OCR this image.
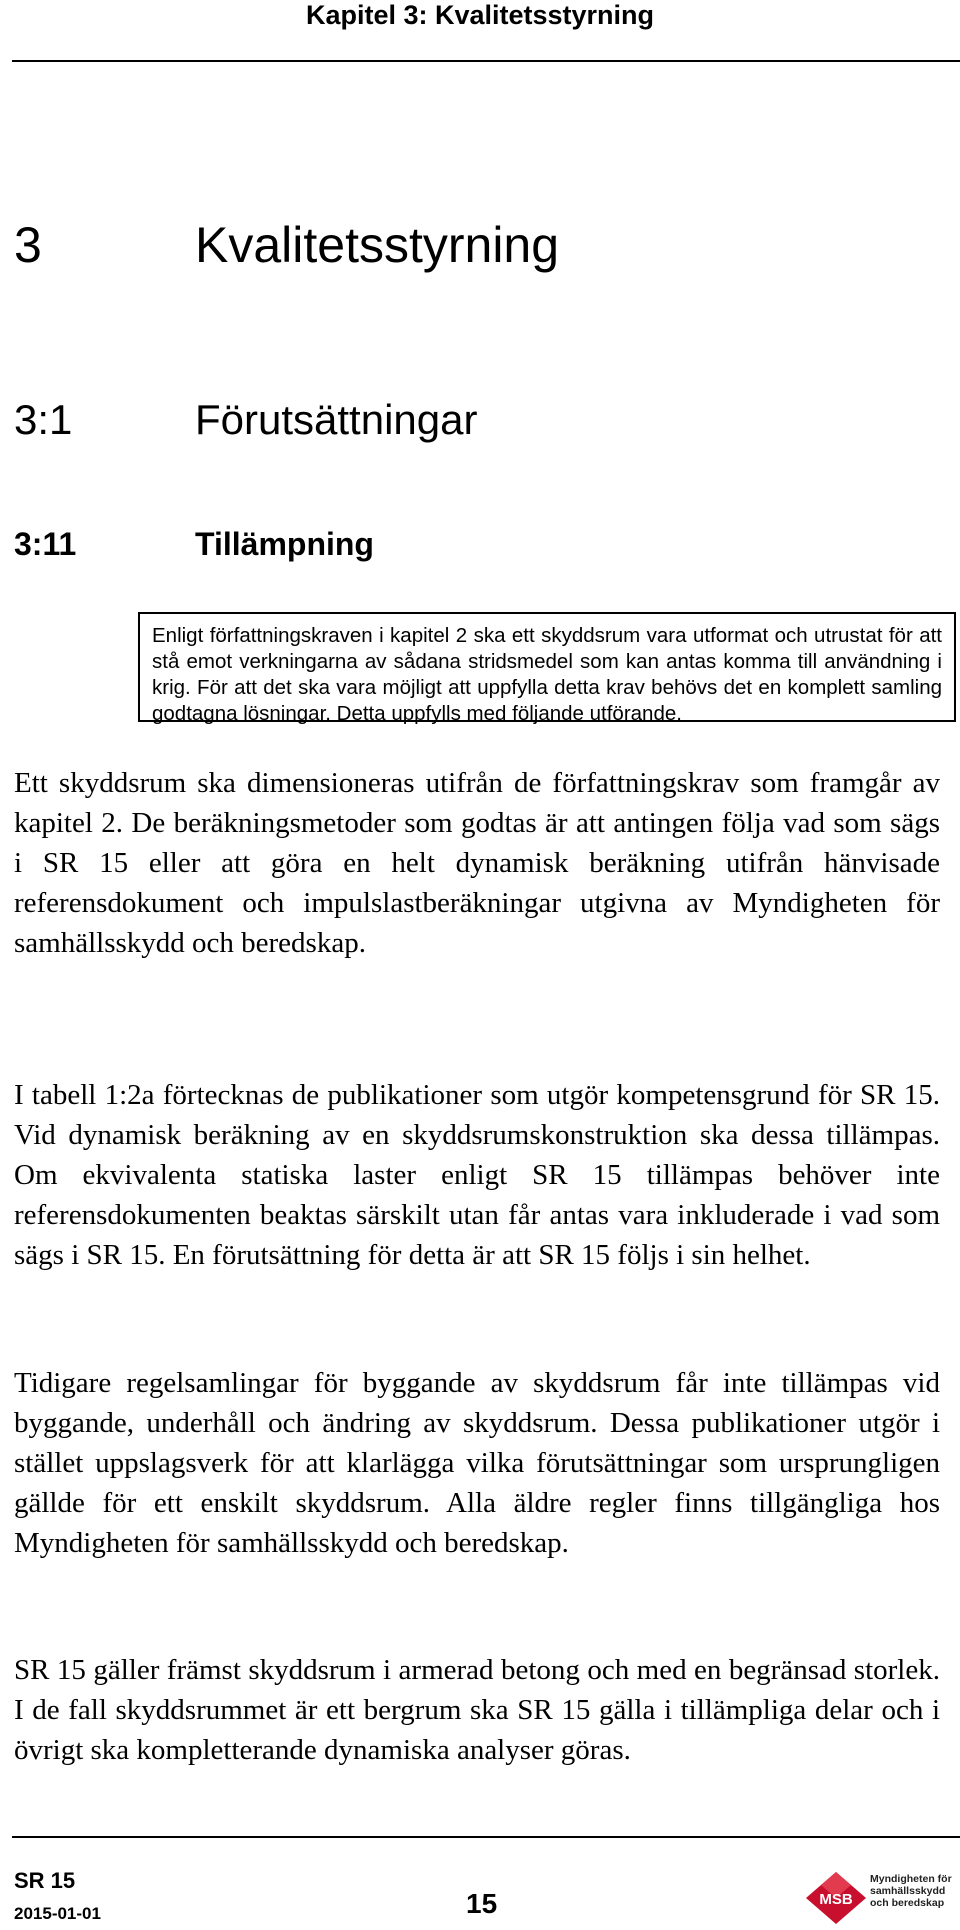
Kapitel 3: Kvalitetsstyrning
3	Kvalitetsstyrning
3:1	Förutsättningar
3:11	Tillämpning
Enligt författningskraven i kapitel 2 ska ett skyddsrum vara utformat och utrustat för att stå emot verkningarna av sådana stridsmedel som kan antas komma till användning i krig. För att det ska vara möjligt att uppfylla detta krav behövs det en komplett samling godtagna lösningar. Detta uppfylls med följande utförande.

Ett skyddsrum ska dimensioneras utifrån de författningskrav som framgår av kapitel 2. De beräkningsmetoder som godtas är att antingen följa vad som sägs i SR 15 eller att göra en helt dynamisk beräkning utifrån hänvisade referensdokument och impulslastberäkningar utgivna av Myndigheten för samhällsskydd och beredskap.

I tabell 1:2a förtecknas de publikationer som utgör kompetensgrund för SR 15. Vid dynamisk beräkning av en skyddsrumskonstruktion ska dessa tillämpas. Om ekvivalenta statiska laster enligt SR 15 tillämpas behöver inte referensdokumenten beaktas särskilt utan får antas vara inkluderade i vad som sägs i SR 15. En förutsättning för detta är att SR 15 följs i sin helhet.

Tidigare regelsamlingar för byggande av skyddsrum får inte tillämpas vid byggande, underhåll och ändring av skyddsrum. Dessa publikationer utgör i stället uppslagsverk för att klarlägga vilka förutsättningar som ursprungligen gällde för ett enskilt skyddsrum. Alla äldre regler finns tillgängliga hos Myndigheten för samhällsskydd och beredskap.

SR 15 gäller främst skyddsrum i armerad betong och med en begränsad storlek. I de fall skyddsrummet är ett bergrum ska SR 15 gälla i tillämpliga delar och i övrigt ska kompletterande dynamiska analyser göras.

SR 15
2015-01-01	15	MSB
Myndigheten för
samhällsskydd
och beredskap
